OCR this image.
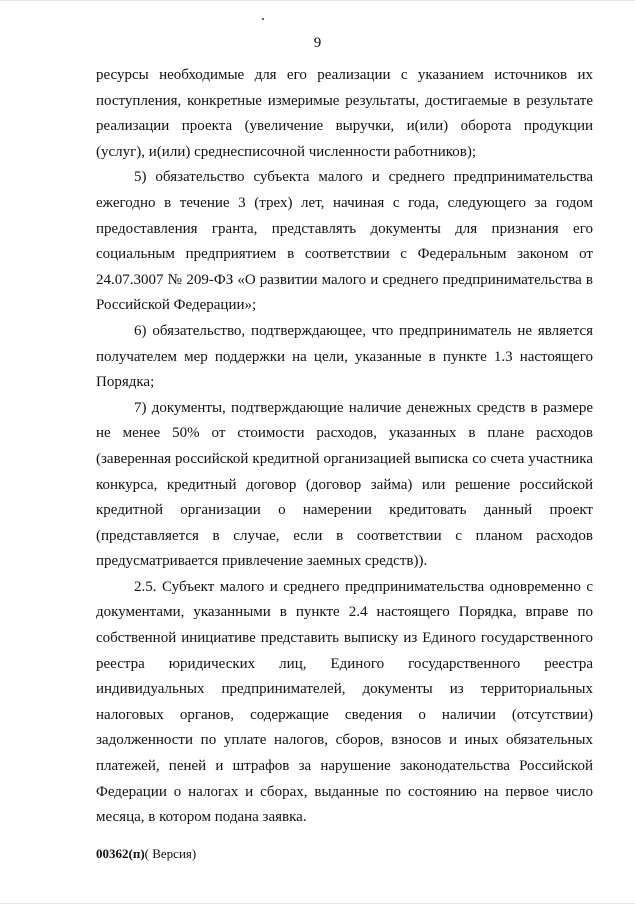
9

ресурсы необходимые для его реализации с указанием источников их поступления, конкретные измеримые результаты, достигаемые в результате реализации проекта (увеличение выручки, и(или) оборота продукции (услуг), и(или) среднесписочной численности работников);

5) обязательство субъекта малого и среднего предпринимательства ежегодно в течение 3 (трех) лет, начиная с года, следующего за годом предоставления гранта, представлять документы для признания его социальным предприятием в соответствии с Федеральным законом от 24.07.3007 № 209-ФЗ «О развитии малого и среднего предпринимательства в Российской Федерации»;

6) обязательство, подтверждающее, что предприниматель не является получателем мер поддержки на цели, указанные в пункте 1.3 настоящего Порядка;

7) документы, подтверждающие наличие денежных средств в размере не менее 50% от стоимости расходов, указанных в плане расходов (заверенная российской кредитной организацией выписка со счета участника конкурса, кредитный договор (договор займа) или решение российской кредитной организации о намерении кредитовать данный проект (представляется в случае, если в соответствии с планом расходов предусматривается привлечение заемных средств)).

2.5. Субъект малого и среднего предпринимательства одновременно с документами, указанными в пункте 2.4 настоящего Порядка, вправе по собственной инициативе представить выписку из Единого государственного реестра юридических лиц, Единого государственного реестра индивидуальных предпринимателей, документы из территориальных налоговых органов, содержащие сведения о наличии (отсутствии) задолженности по уплате налогов, сборов, взносов и иных обязательных платежей, пеней и штрафов за нарушение законодательства Российской Федерации о налогах и сборах, выданные по состоянию на первое число месяца, в котором подана заявка.

00362(п)( Версия)
